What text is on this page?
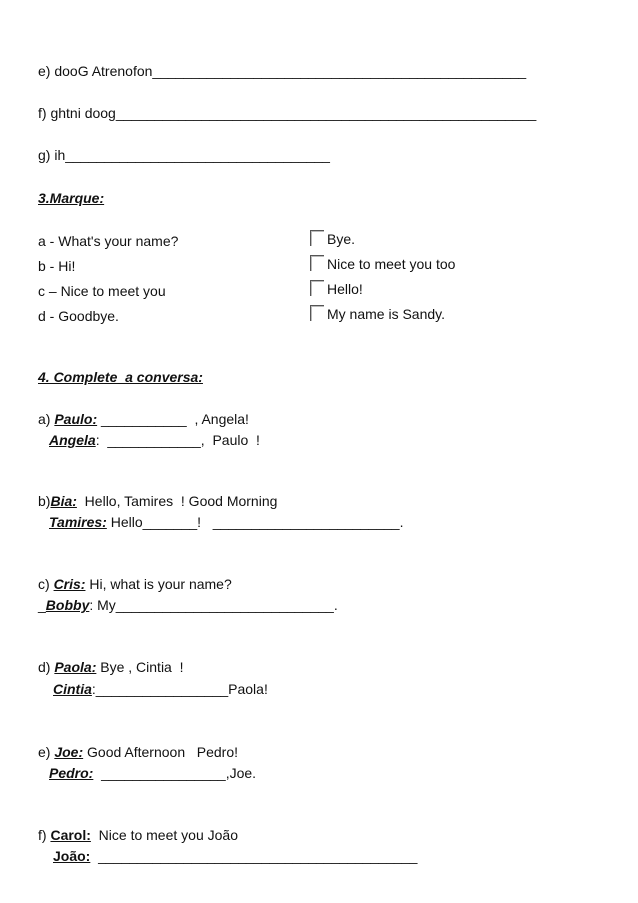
e) dooG Atrenofon________________________________________________
f) ghtni doog______________________________________________________
g) ih__________________________________
3.Marque:
a - What's your name?
b - Hi!
c – Nice to meet you
d - Goodbye.
Bye.
Nice to meet you too
Hello!
My name is Sandy.
4. Complete  a conversa:
a) Paulo: ___________  , Angela!
Angela:  ____________,  Paulo  !
b)Bia:  Hello, Tamires  ! Good Morning
Tamires: Hello_______!   ________________________.
c) Cris: Hi, what is your name?
_Bobby: My____________________________.
d) Paola: Bye , Cintia  !
Cintia:_________________Paola!
e) Joe: Good Afternoon   Pedro!
Pedro:  ________________,Joe.
f) Carol:  Nice to meet you João
João:  _________________________________________
